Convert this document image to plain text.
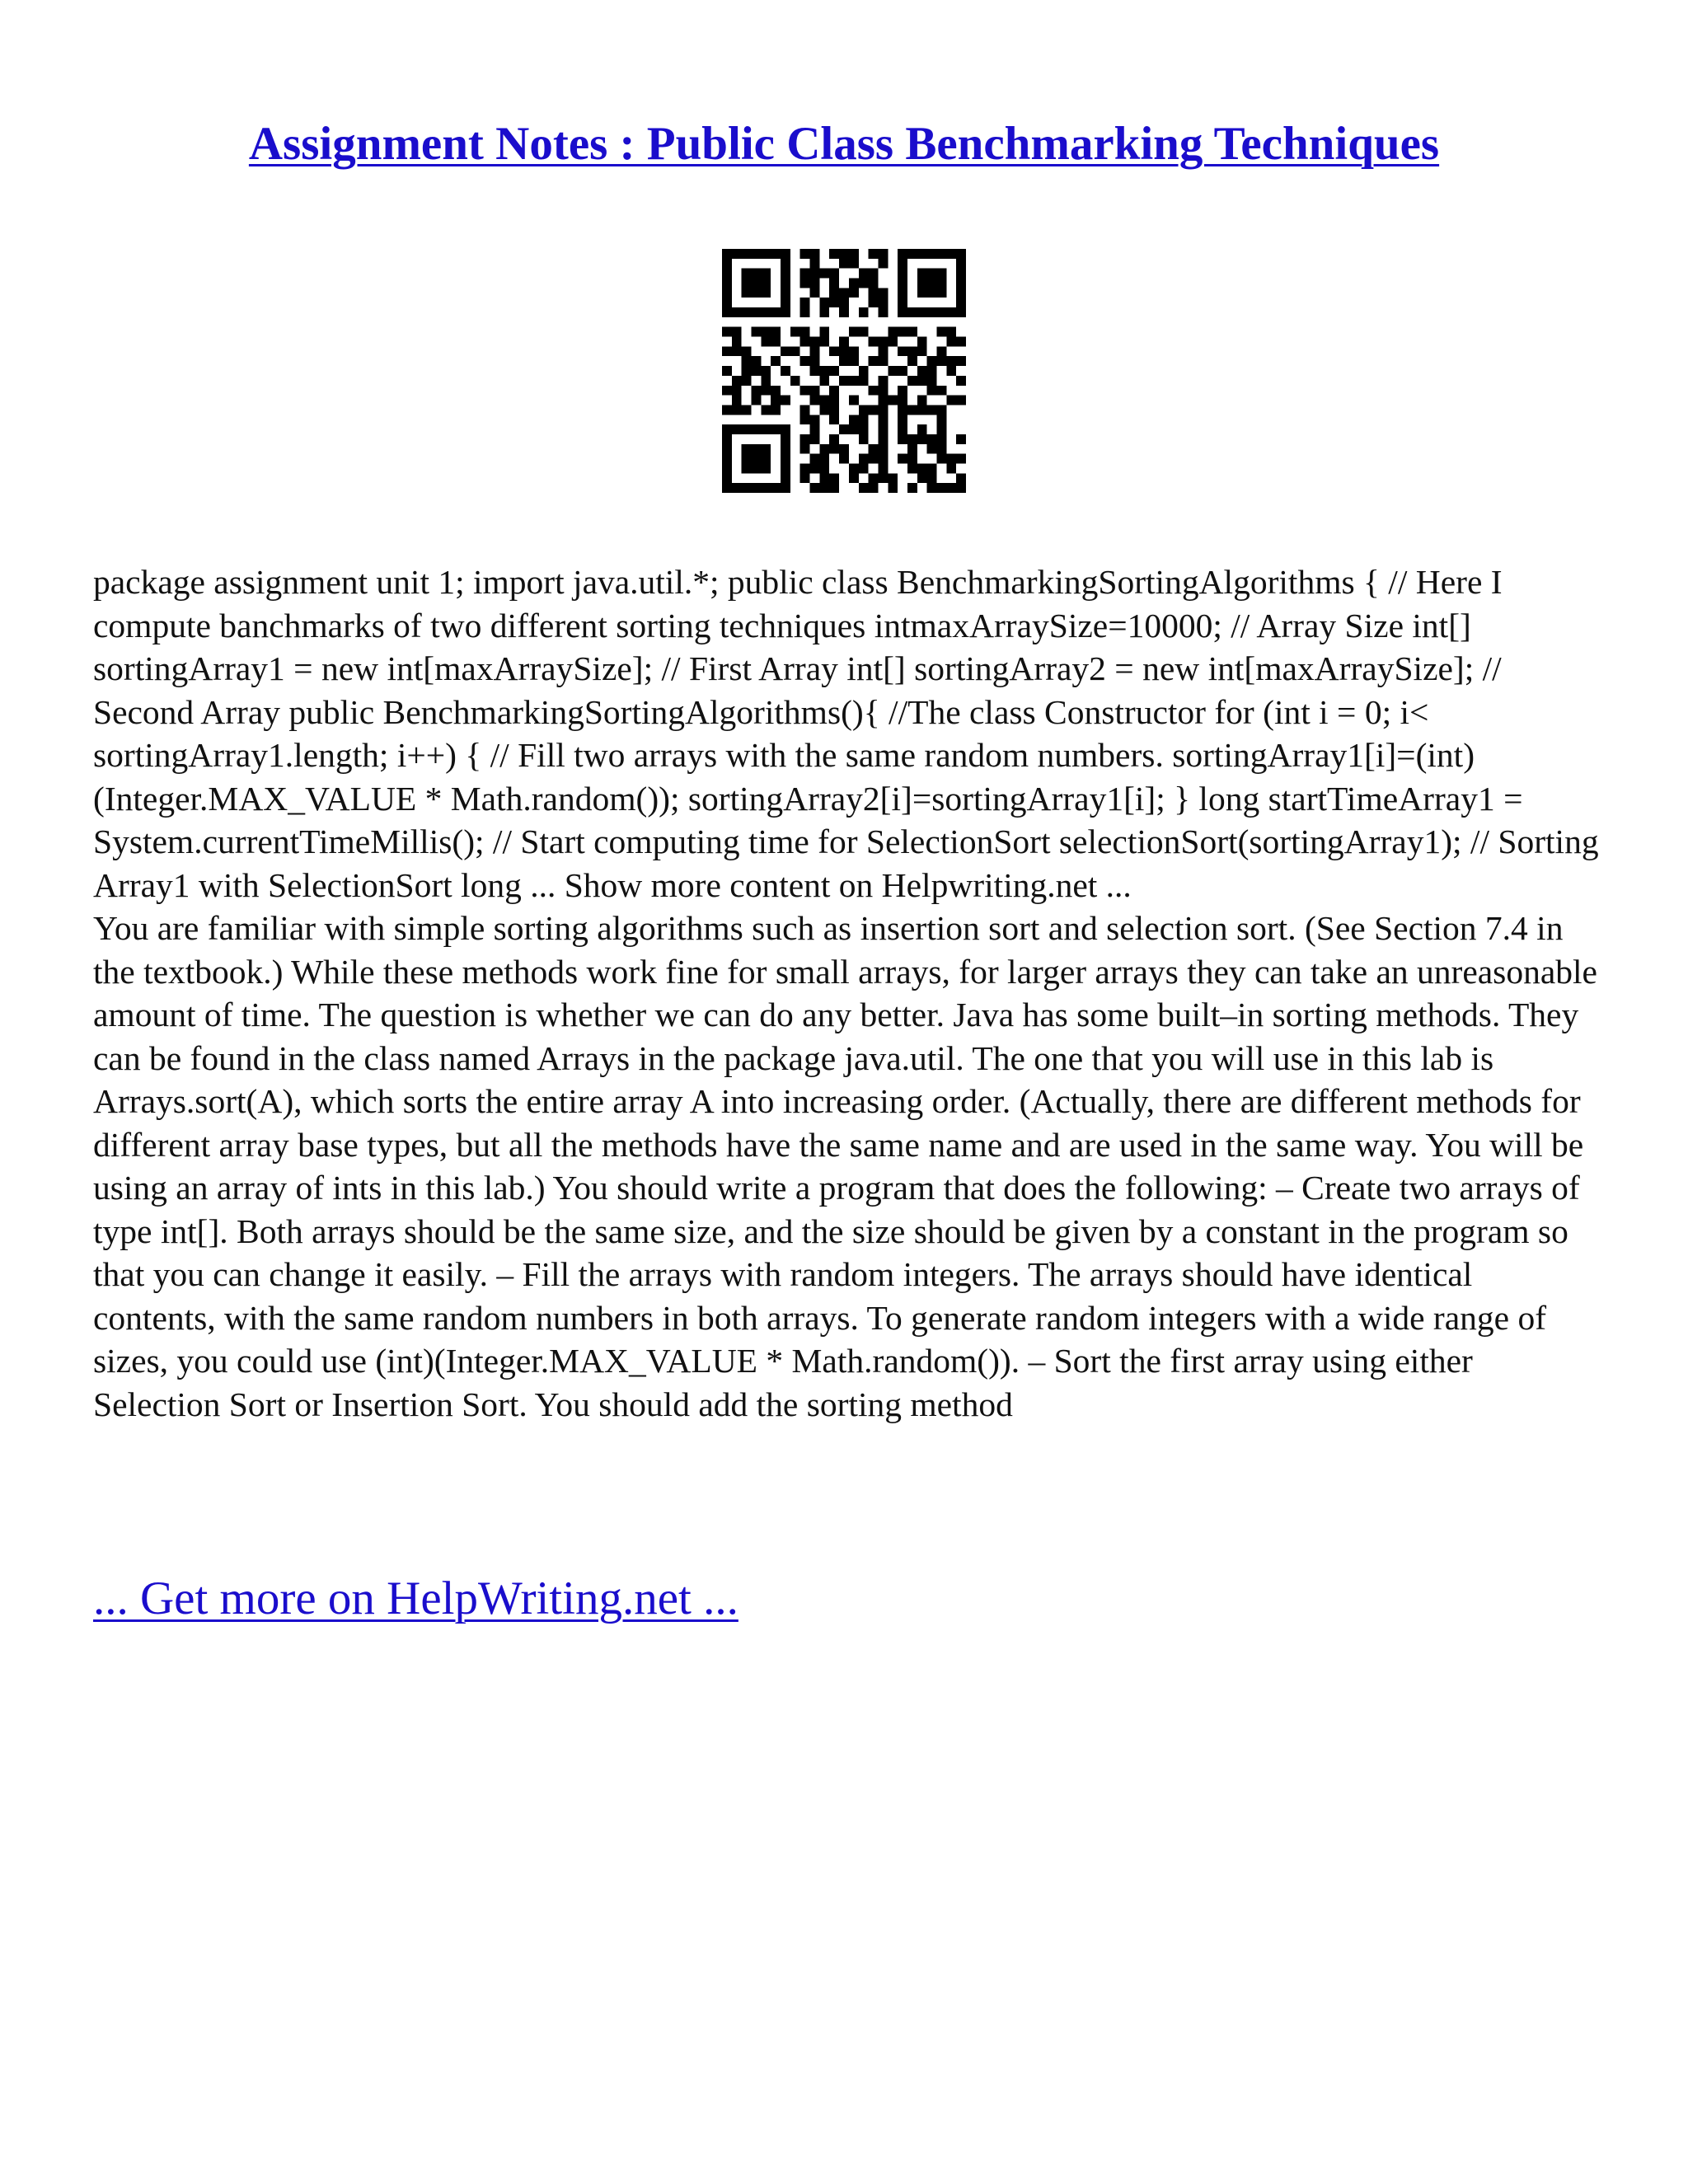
Assignment Notes : Public Class Benchmarking Techniques

package assignment unit 1; import java.util.*; public class BenchmarkingSortingAlgorithms { // Here I compute banchmarks of two different sorting techniques intmaxArraySize=10000; // Array Size int[] sortingArray1 = new int[maxArraySize]; // First Array int[] sortingArray2 = new int[maxArraySize]; // Second Array public BenchmarkingSortingAlgorithms(){ //The class Constructor for (int i = 0; i< sortingArray1.length; i++) { // Fill two arrays with the same random numbers. sortingArray1[i]=(int)(Integer.MAX_VALUE * Math.random()); sortingArray2[i]=sortingArray1[i]; } long startTimeArray1 = System.currentTimeMillis(); // Start computing time for SelectionSort selectionSort(sortingArray1); // Sorting Array1 with SelectionSort long ... Show more content on Helpwriting.net ...

You are familiar with simple sorting algorithms such as insertion sort and selection sort. (See Section 7.4 in the textbook.) While these methods work fine for small arrays, for larger arrays they can take an unreasonable amount of time. The question is whether we can do any better. Java has some built–in sorting methods. They can be found in the class named Arrays in the package java.util. The one that you will use in this lab is Arrays.sort(A), which sorts the entire array A into increasing order. (Actually, there are different methods for different array base types, but all the methods have the same name and are used in the same way. You will be using an array of ints in this lab.) You should write a program that does the following: – Create two arrays of type int[]. Both arrays should be the same size, and the size should be given by a constant in the program so that you can change it easily. – Fill the arrays with random integers. The arrays should have identical contents, with the same random numbers in both arrays. To generate random integers with a wide range of sizes, you could use (int)(Integer.MAX_VALUE * Math.random()). – Sort the first array using either Selection Sort or Insertion Sort. You should add the sorting method

... Get more on HelpWriting.net ...
